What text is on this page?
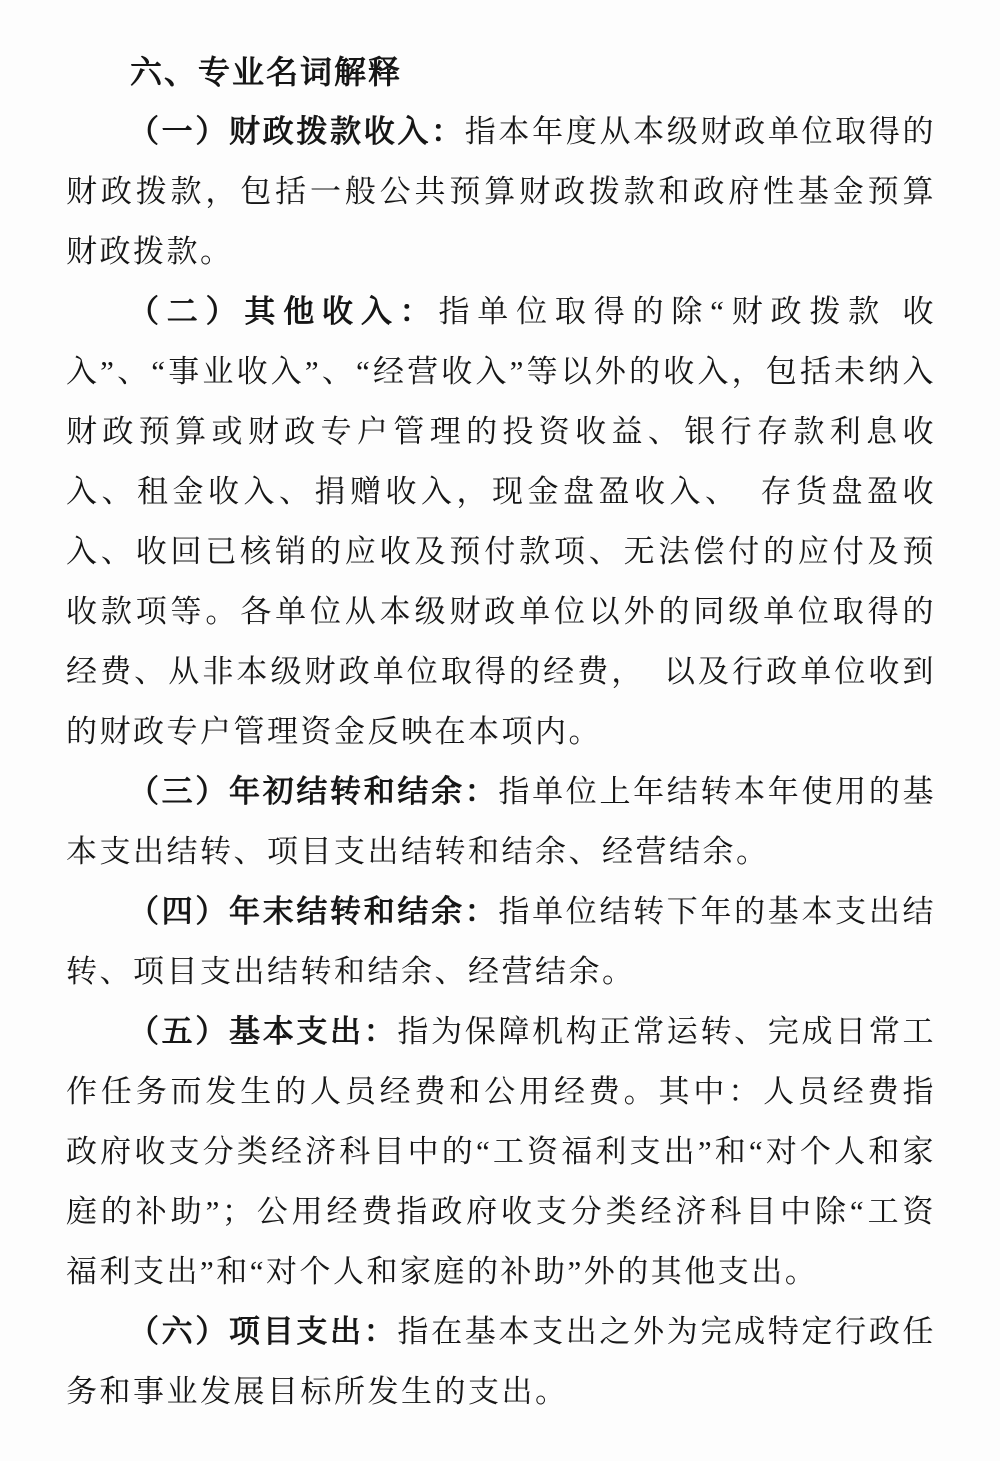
六、专业名词解释

（一）财政拨款收入：指本年度从本级财政单位取得的财政拨款，包括一般公共预算财政拨款和政府性基金预算财政拨款。

（二）其他收入：指单位取得的除“财政拨款 收入”、“事业收入”、“经营收入”等以外的收入，包括未纳入财政预算或财政专户管理的投资收益、银行存款利息收入、租金收入、捐赠收入，现金盘盈收入、　存货盘盈收入、收回已核销的应收及预付款项、无法偿付的应付及预收款项等。各单位从本级财政单位以外的同级单位取得的经费、从非本级财政单位取得的经费，　以及行政单位收到的财政专户管理资金反映在本项内。

（三）年初结转和结余：指单位上年结转本年使用的基本支出结转、项目支出结转和结余、经营结余。

（四）年末结转和结余：指单位结转下年的基本支出结转、项目支出结转和结余、经营结余。

（五）基本支出：指为保障机构正常运转、完成日常工作任务而发生的人员经费和公用经费。其中：人员经费指政府收支分类经济科目中的“工资福利支出”和“对个人和家庭的补助”；公用经费指政府收支分类经济科目中除“工资福利支出”和“对个人和家庭的补助”外的其他支出。

（六）项目支出：指在基本支出之外为完成特定行政任务和事业发展目标所发生的支出。
